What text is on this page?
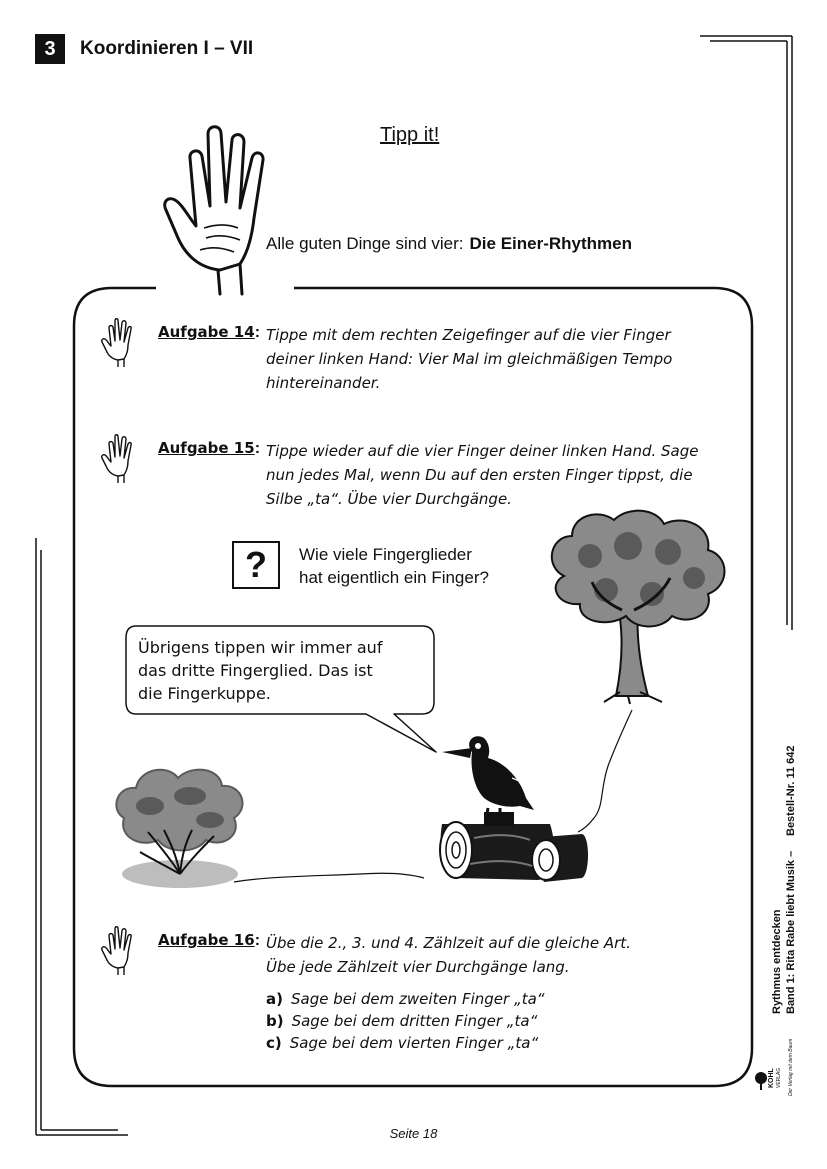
3	Koordinieren I – VII
Tipp it!
Alle guten Dinge sind vier: Die Einer-Rhythmen
Aufgabe 14: Tippe mit dem rechten Zeigefinger auf die vier Finger
deiner linken Hand: Vier Mal im gleichmäßigen Tempo
hintereinander.
Aufgabe 15: Tippe wieder auf die vier Finger deiner linken Hand. Sage
nun jedes Mal, wenn Du auf den ersten Finger tippst, die
Silbe „ta“. Übe vier Durchgänge.
?	Wie viele Fingerglieder
hat eigentlich ein Finger?
Übrigens tippen wir immer auf
das dritte Fingerglied. Das ist
die Fingerkuppe.
Aufgabe 16: Übe die 2., 3. und 4. Zählzeit auf die gleiche Art.
Übe jede Zählzeit vier Durchgänge lang.
a) Sage bei dem zweiten Finger „ta“
b) Sage bei dem dritten Finger „ta“
c) Sage bei dem vierten Finger „ta“
Bestell-Nr. 11 642
Band 1: Rita Rabe liebt Musik –
Rythmus entdecken
KOHL VERLAG Der Verlag mit dem Baum
Seite 18
